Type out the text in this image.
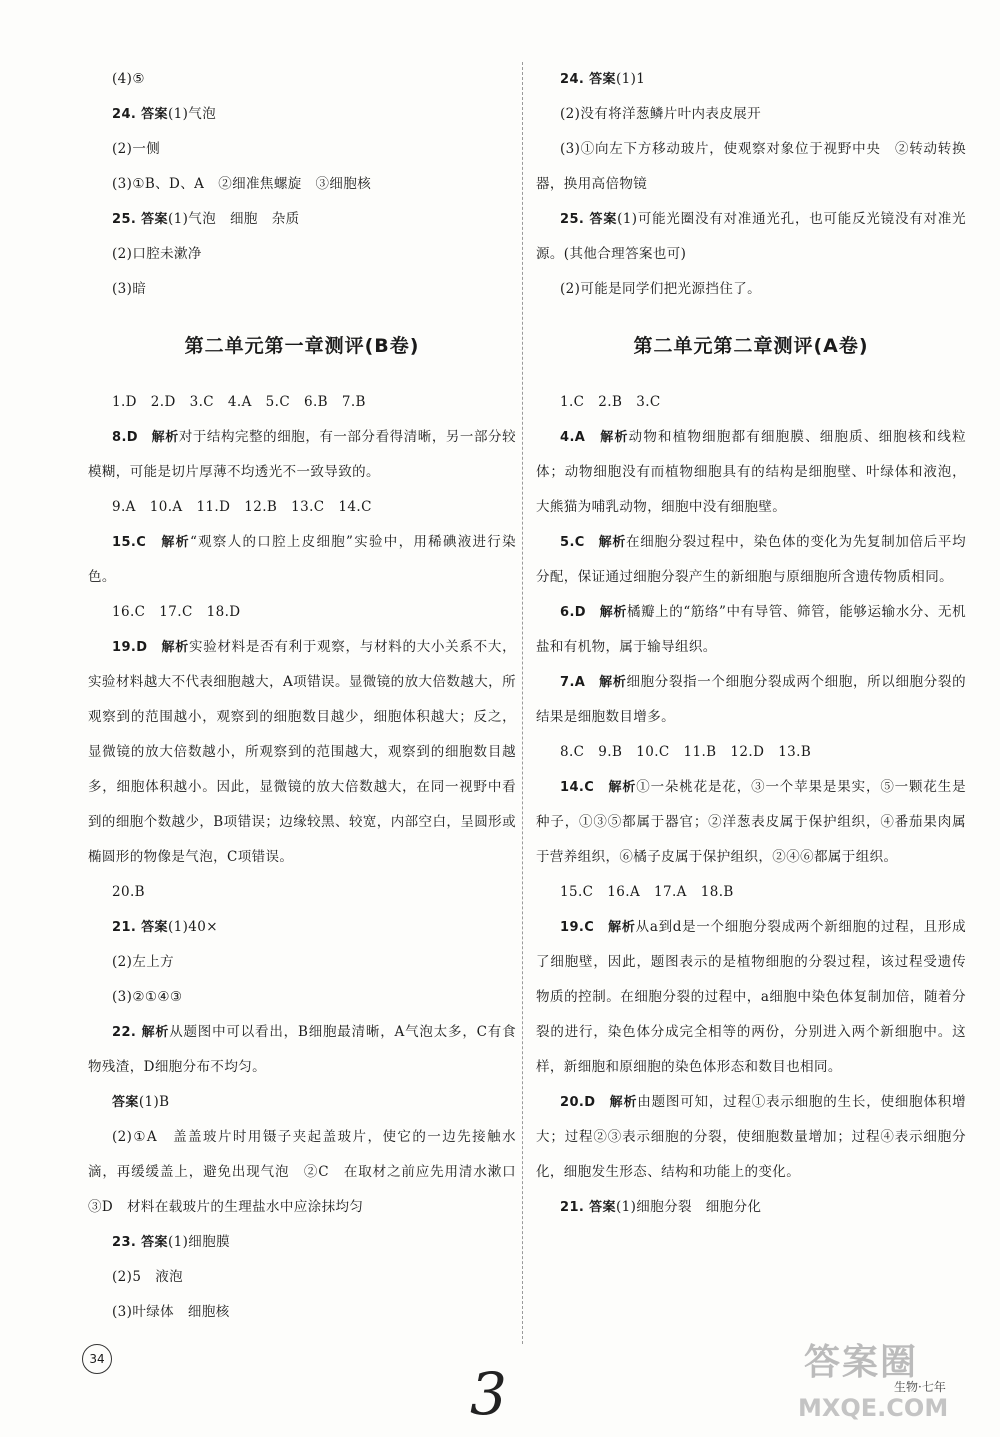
(4)⑤

24. 答案(1)气泡

(2)一侧

(3)①B、D、A　②细准焦螺旋　③细胞核

25. 答案(1)气泡　细胞　杂质

(2)口腔未漱净

(3)暗

第二单元第一章测评(B卷)

1.D　2.D　3.C　4.A　5.C　6.B　7.B

8.D　解析对于结构完整的细胞，有一部分看得清晰，另一部分较模糊，可能是切片厚薄不均透光不一致导致的。

9.A　10.A　11.D　12.B　13.C　14.C

15.C　解析“观察人的口腔上皮细胞”实验中，用稀碘液进行染色。

16.C　17.C　18.D

19.D　解析实验材料是否有利于观察，与材料的大小关系不大，实验材料越大不代表细胞越大，A项错误。显微镜的放大倍数越大，所观察到的范围越小，观察到的细胞数目越少，细胞体积越大；反之，显微镜的放大倍数越小，所观察到的范围越大，观察到的细胞数目越多，细胞体积越小。因此，显微镜的放大倍数越大，在同一视野中看到的细胞个数越少，B项错误；边缘较黑、较宽，内部空白，呈圆形或椭圆形的物像是气泡，C项错误。

20.B

21. 答案(1)40×

(2)左上方

(3)②①④③

22. 解析从题图中可以看出，B细胞最清晰，A气泡太多，C有食物残渣，D细胞分布不均匀。

答案(1)B

(2)①A　盖盖玻片时用镊子夹起盖玻片，使它的一边先接触水滴，再缓缓盖上，避免出现气泡　②C　在取材之前应先用清水漱口　③D　材料在载玻片的生理盐水中应涂抹均匀

23. 答案(1)细胞膜

(2)5　液泡

(3)叶绿体　细胞核

24. 答案(1)1

(2)没有将洋葱鳞片叶内表皮展开

(3)①向左下方移动玻片，使观察对象位于视野中央　②转动转换器，换用高倍物镜

25. 答案(1)可能光圈没有对准通光孔，也可能反光镜没有对准光源。(其他合理答案也可)

(2)可能是同学们把光源挡住了。

第二单元第二章测评(A卷)

1.C　2.B　3.C

4.A　解析动物和植物细胞都有细胞膜、细胞质、细胞核和线粒体；动物细胞没有而植物细胞具有的结构是细胞壁、叶绿体和液泡，大熊猫为哺乳动物，细胞中没有细胞壁。

5.C　解析在细胞分裂过程中，染色体的变化为先复制加倍后平均分配，保证通过细胞分裂产生的新细胞与原细胞所含遗传物质相同。

6.D　解析橘瓣上的“筋络”中有导管、筛管，能够运输水分、无机盐和有机物，属于输导组织。

7.A　解析细胞分裂指一个细胞分裂成两个细胞，所以细胞分裂的结果是细胞数目增多。

8.C　9.B　10.C　11.B　12.D　13.B

14.C　解析①一朵桃花是花，③一个苹果是果实，⑤一颗花生是种子，①③⑤都属于器官；②洋葱表皮属于保护组织，④番茄果肉属于营养组织，⑥橘子皮属于保护组织，②④⑥都属于组织。

15.C　16.A　17.A　18.B

19.C　解析从a到d是一个细胞分裂成两个新细胞的过程，且形成了细胞壁，因此，题图表示的是植物细胞的分裂过程，该过程受遗传物质的控制。在细胞分裂的过程中，a细胞中染色体复制加倍，随着分裂的进行，染色体分成完全相等的两份，分别进入两个新细胞中。这样，新细胞和原细胞的染色体形态和数目也相同。

20.D　解析由题图可知，过程①表示细胞的生长，使细胞体积增大；过程②③表示细胞的分裂，使细胞数量增加；过程④表示细胞分化，细胞发生形态、结构和功能上的变化。

21. 答案(1)细胞分裂　细胞分化

34
3	生物·七年
答案圈
MXQE.COM
